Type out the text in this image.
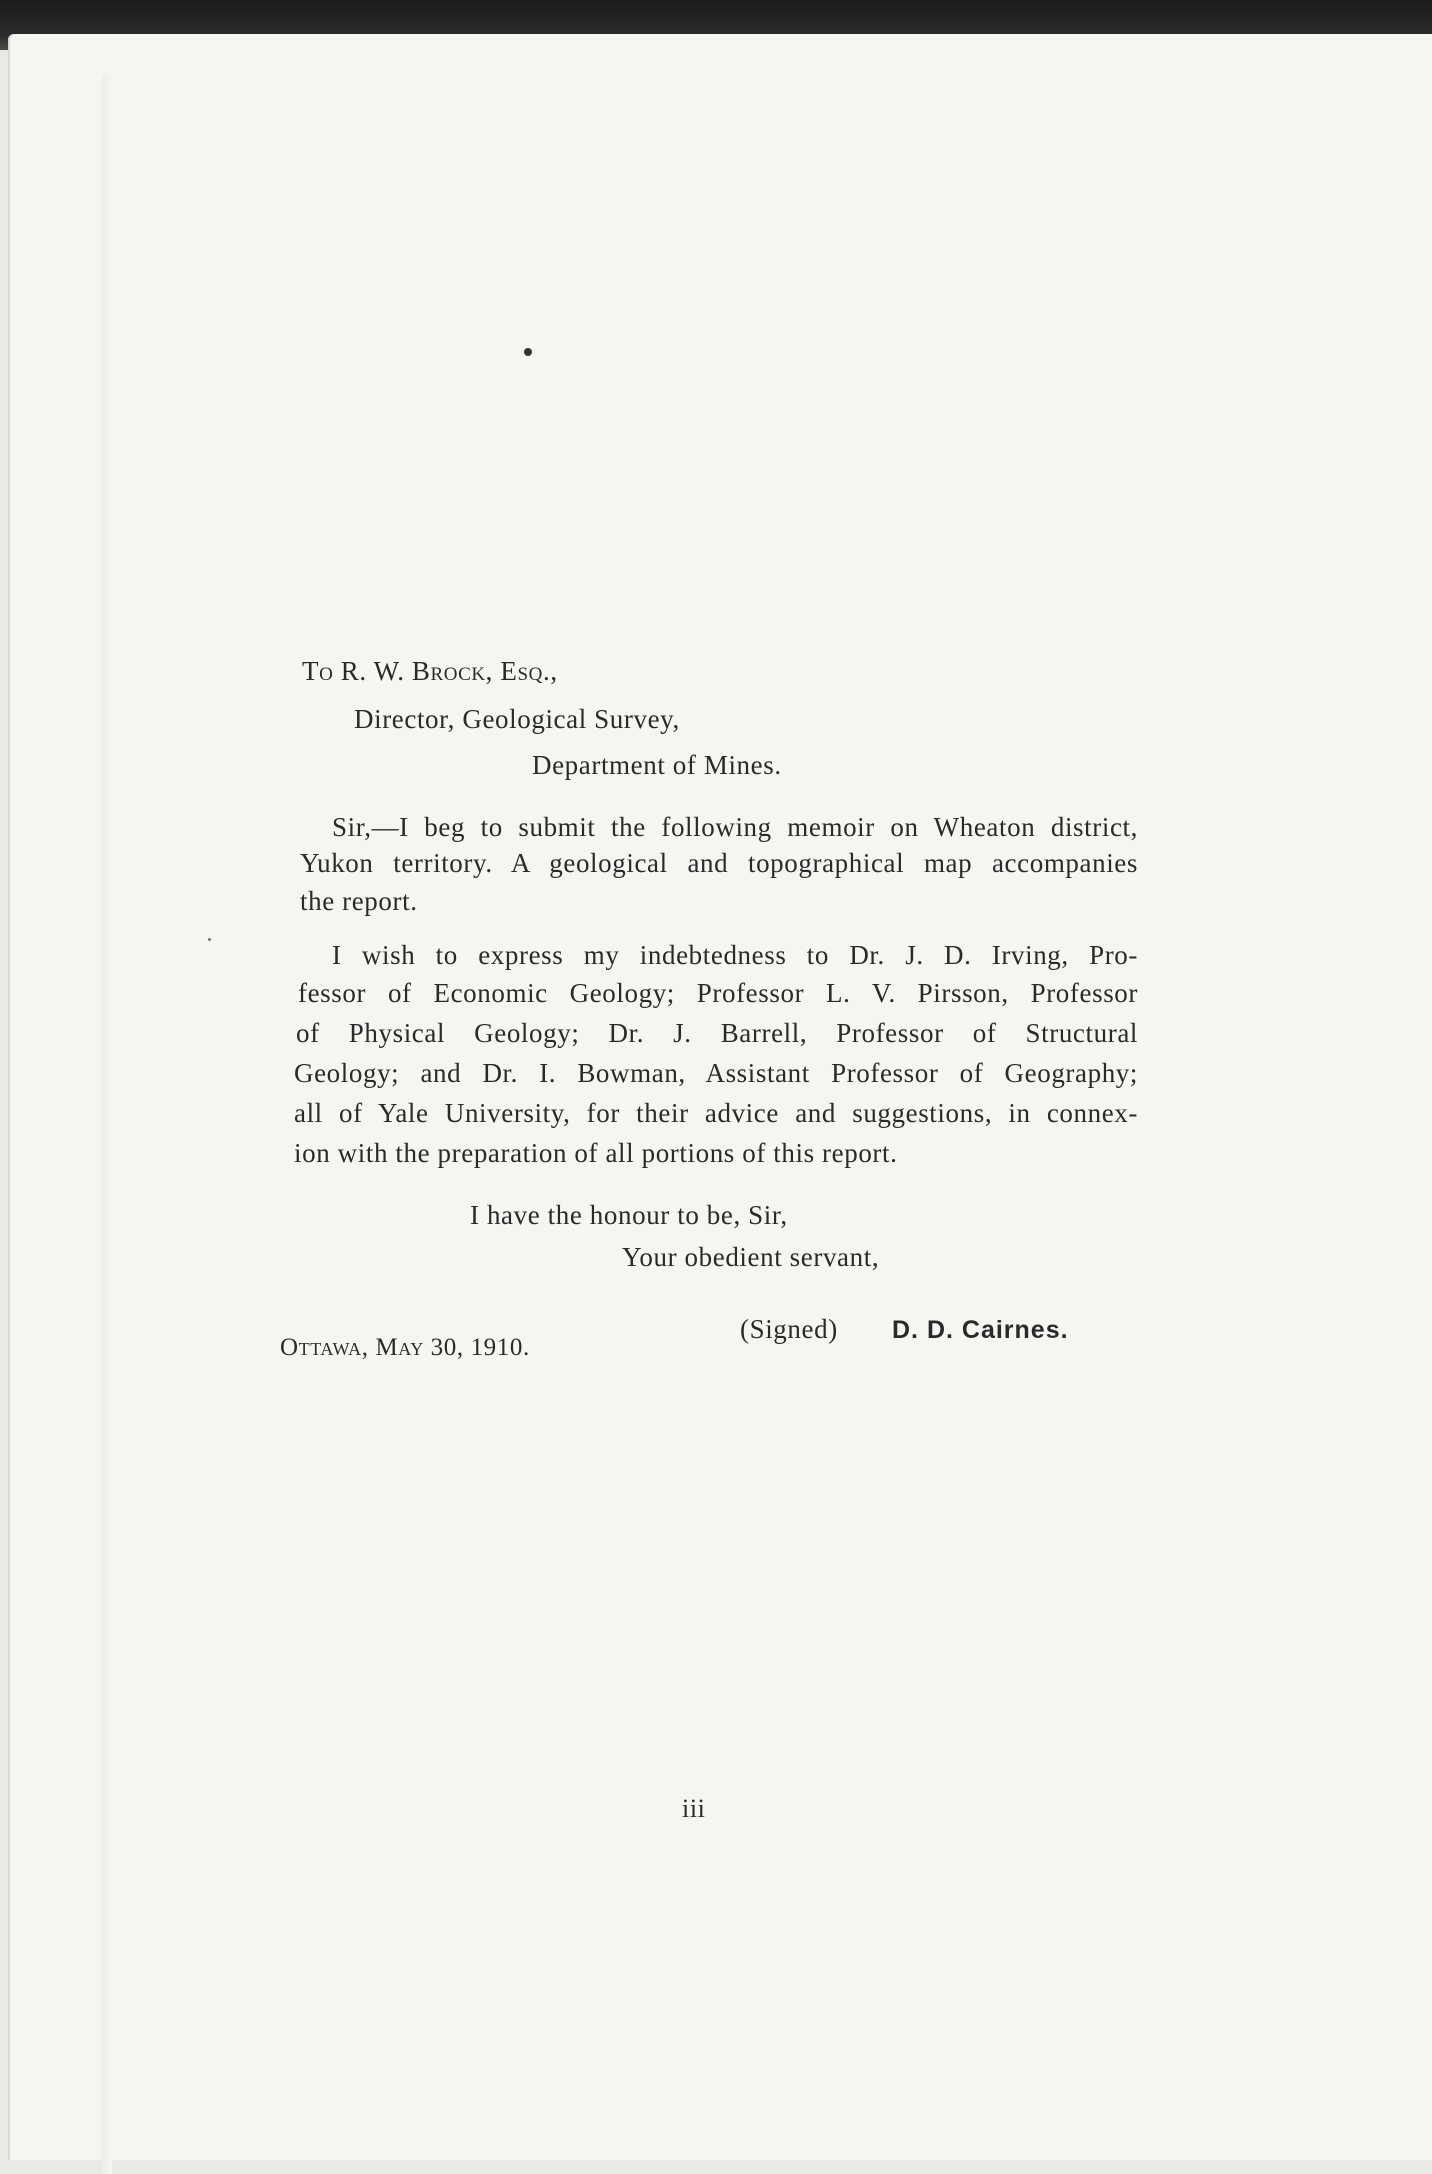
To R. W. Brock, Esq.,
Director, Geological Survey,
Department of Mines.
Sir,—I beg to submit the following memoir on Wheaton district,
Yukon territory. A geological and topographical map accompanies
the report.
I wish to express my indebtedness to Dr. J. D. Irving, Pro-
fessor of Economic Geology; Professor L. V. Pirsson, Professor
of Physical Geology; Dr. J. Barrell, Professor of Structural
Geology; and Dr. I. Bowman, Assistant Professor of Geography;
all of Yale University, for their advice and suggestions, in connex-
ion with the preparation of all portions of this report.
I have the honour to be, Sir,
Your obedient servant,
(Signed) D. D. Cairnes.
Ottawa, May 30, 1910.
iii
